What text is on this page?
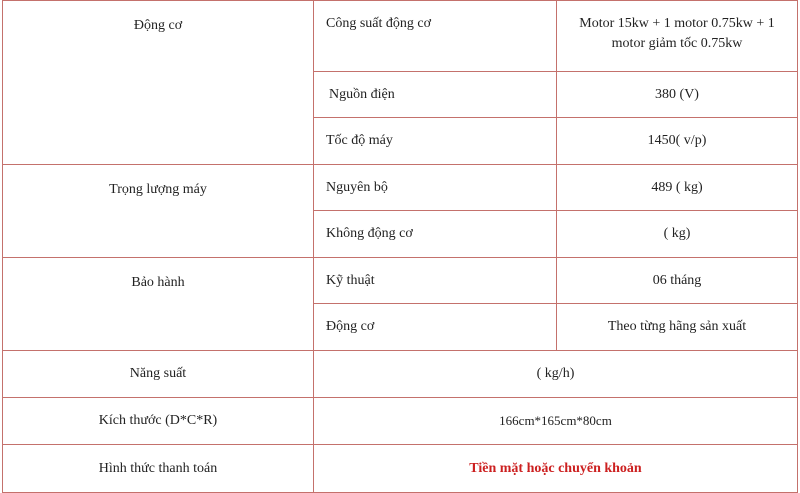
Động cơ	Công suất động cơ	Motor 15kw + 1 motor 0.75kw + 1
motor giảm tốc 0.75kw

	Nguồn điện	380 (V)
	Tốc độ máy	1450( v/p)
Trọng lượng máy	Nguyên bộ	489 ( kg)
	Không động cơ	( kg)
Bảo hành	Kỹ thuật	06 tháng
	Động cơ	Theo từng hãng sản xuất
Năng suất	( kg/h)	
Kích thước (D*C*R)	166cm*165cm*80cm	
Hình thức thanh toán	Tiền mặt hoặc chuyển khoản	
